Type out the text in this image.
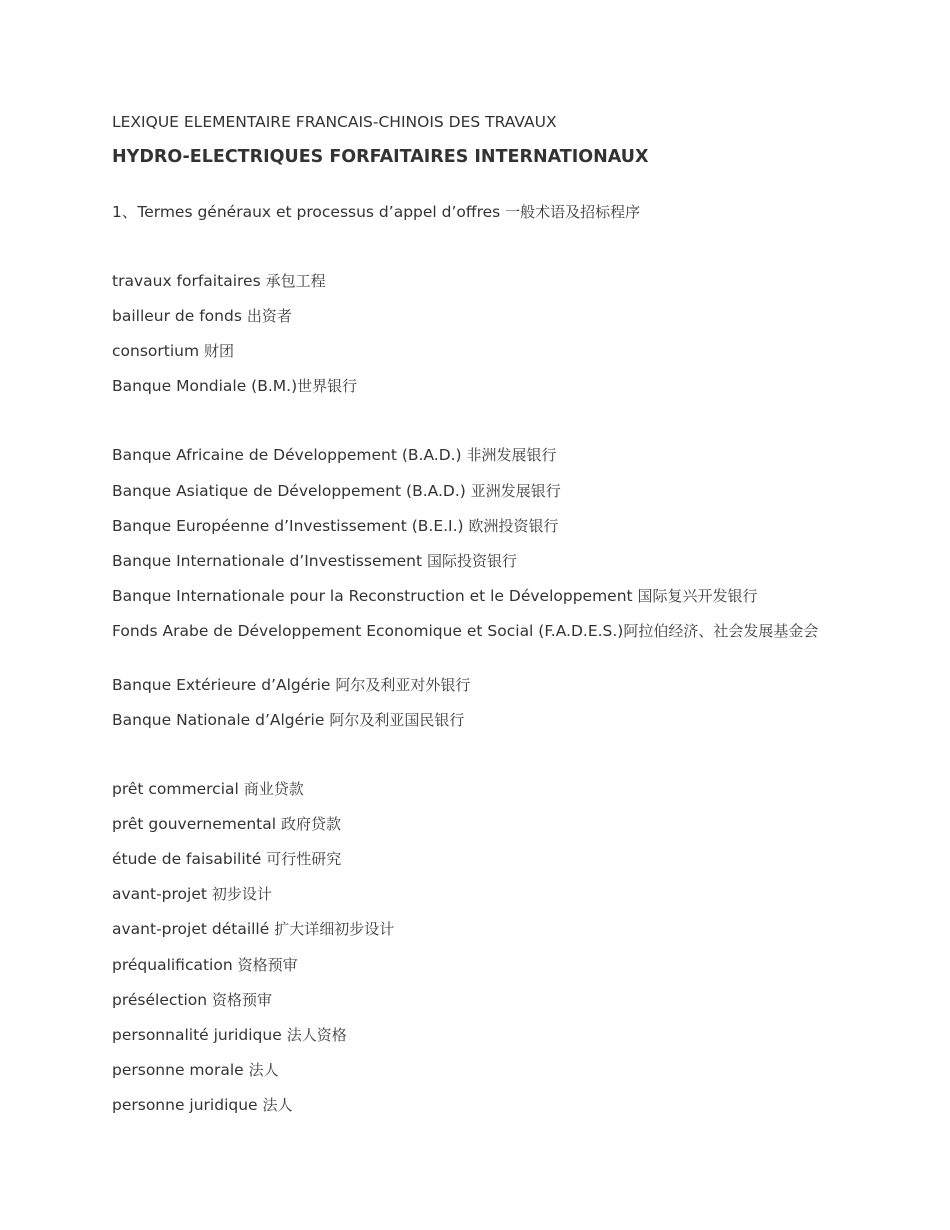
LEXIQUE ELEMENTAIRE FRANCAIS-CHINOIS DES TRAVAUX
HYDRO-ELECTRIQUES FORFAITAIRES INTERNATIONAUX
1、Termes généraux et processus d’appel d’offres 一般术语及招标程序
travaux forfaitaires 承包工程
bailleur de fonds 出资者
consortium 财团
Banque Mondiale (B.M.)世界银行
Banque Africaine de Développement (B.A.D.) 非洲发展银行
Banque Asiatique de Développement (B.A.D.) 亚洲发展银行
Banque Européenne d’Investissement (B.E.I.) 欧洲投资银行
Banque Internationale d’Investissement 国际投资银行
Banque Internationale pour la Reconstruction et le Développement 国际复兴开发银行
Fonds Arabe de Développement Economique et Social (F.A.D.E.S.)阿拉伯经济、社会发展基金会
Banque Extérieure d’Algérie 阿尔及利亚对外银行
Banque Nationale d’Algérie 阿尔及利亚国民银行
prêt commercial 商业贷款
prêt gouvernemental 政府贷款
étude de faisabilité 可行性研究
avant-projet 初步设计
avant-projet détaillé 扩大详细初步设计
préqualification 资格预审
présélection 资格预审
personnalité juridique 法人资格
personne morale 法人
personne juridique 法人
